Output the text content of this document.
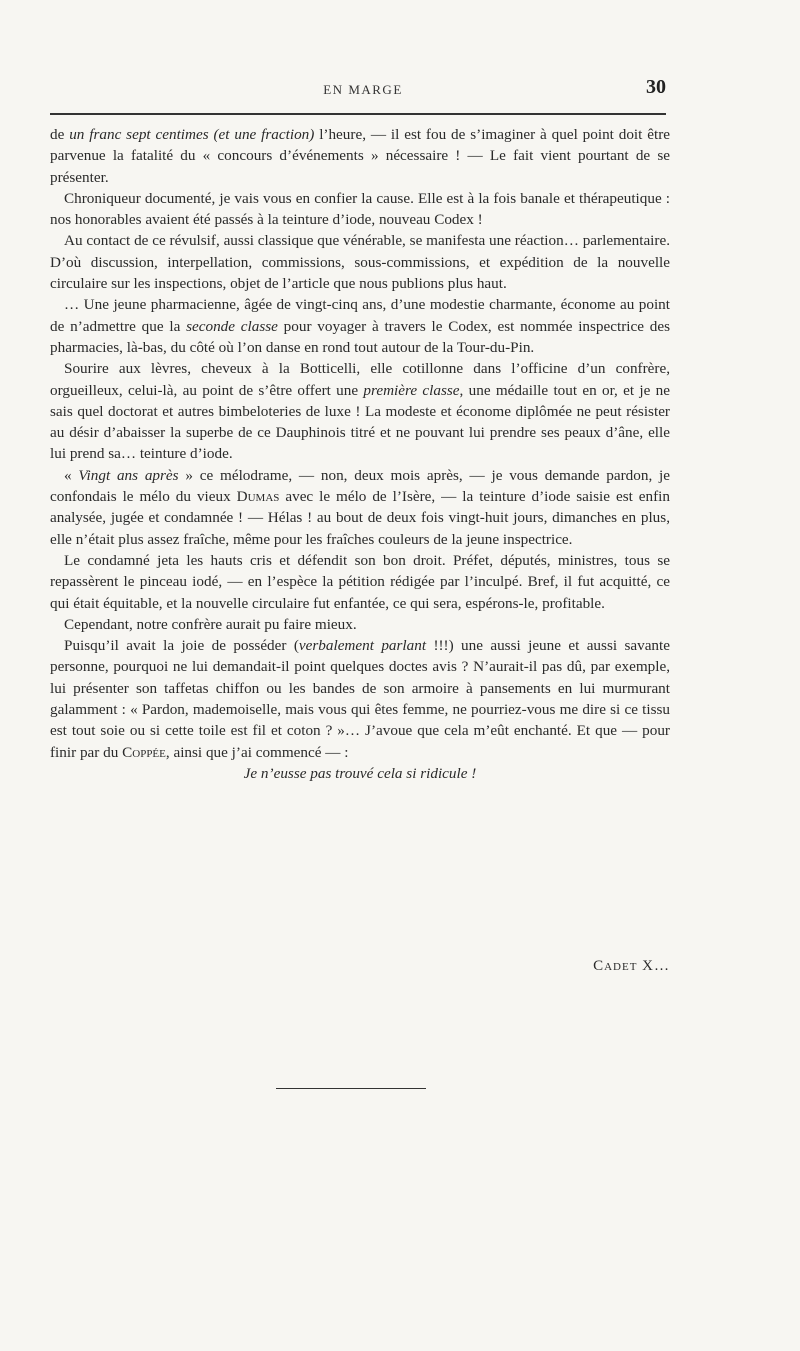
EN MARGE	30

de un franc sept centimes (et une fraction) l’heure, — il est fou de s’imaginer à quel point doit être parvenue la fatalité du « concours d’événements » nécessaire ! — Le fait vient pourtant de se présenter.

Chroniqueur documenté, je vais vous en confier la cause. Elle est à la fois banale et thérapeutique : nos honorables avaient été passés à la teinture d’iode, nouveau Codex !

Au contact de ce révulsif, aussi classique que vénérable, se manifesta une réaction… parlementaire. D’où discussion, interpellation, commissions, sous-commissions, et expédition de la nouvelle circulaire sur les inspections, objet de l’article que nous publions plus haut.

… Une jeune pharmacienne, âgée de vingt-cinq ans, d’une modestie charmante, économe au point de n’admettre que la seconde classe pour voyager à travers le Codex, est nommée inspectrice des pharmacies, là-bas, du côté où l’on danse en rond tout autour de la Tour-du-Pin.

Sourire aux lèvres, cheveux à la Botticelli, elle cotillonne dans l’officine d’un confrère, orgueilleux, celui-là, au point de s’être offert une première classe, une médaille tout en or, et je ne sais quel doctorat et autres bimbeloteries de luxe ! La modeste et économe diplômée ne peut résister au désir d’abaisser la superbe de ce Dauphinois titré et ne pouvant lui prendre ses peaux d’âne, elle lui prend sa… teinture d’iode.

« Vingt ans après » ce mélodrame, — non, deux mois après, — je vous demande pardon, je confondais le mélo du vieux Dumas avec le mélo de l’Isère, — la teinture d’iode saisie est enfin analysée, jugée et condamnée ! — Hélas ! au bout de deux fois vingt-huit jours, dimanches en plus, elle n’était plus assez fraîche, même pour les fraîches couleurs de la jeune inspectrice.

Le condamné jeta les hauts cris et défendit son bon droit. Préfet, députés, ministres, tous se repassèrent le pinceau iodé, — en l’espèce la pétition rédigée par l’inculpé. Bref, il fut acquitté, ce qui était équitable, et la nouvelle circulaire fut enfantée, ce qui sera, espérons-le, profitable.

Cependant, notre confrère aurait pu faire mieux.

Puisqu’il avait la joie de posséder (verbalement parlant !!!) une aussi jeune et aussi savante personne, pourquoi ne lui demandait-il point quelques doctes avis ? N’aurait-il pas dû, par exemple, lui présenter son taffetas chiffon ou les bandes de son armoire à pansements en lui murmurant galamment : « Pardon, mademoiselle, mais vous qui êtes femme, ne pourriez-vous me dire si ce tissu est tout soie ou si cette toile est fil et coton ? »… J’avoue que cela m’eût enchanté. Et que — pour finir par du Coppée, ainsi que j’ai commencé — :

Je n’eusse pas trouvé cela si ridicule !

Cadet X…
